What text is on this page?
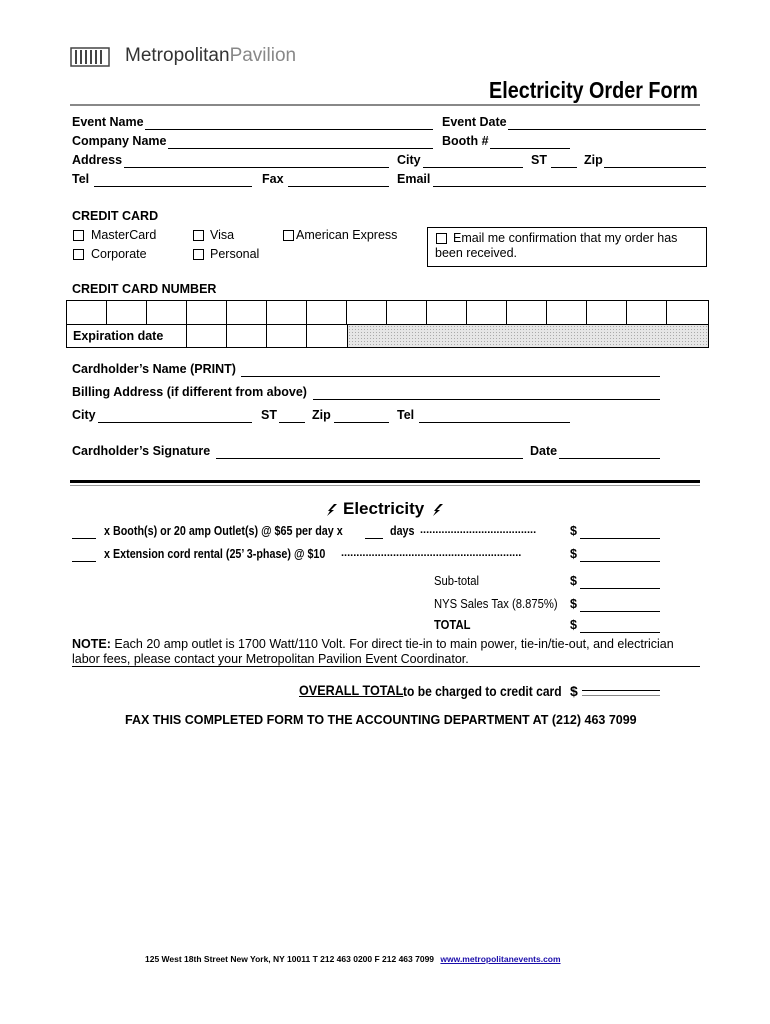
MetropolitanPavilion
Electricity Order Form
Event Name	Event Date
Company Name	Booth #
Address	City	ST	Zip
Tel	Fax	Email
CREDIT CARD
MasterCard	Visa	American Express
Corporate	Personal
Email me confirmation that my order has been received.
CREDIT CARD NUMBER
Expiration date
Cardholder’s Name (PRINT)
Billing Address (if different from above)
City	ST	Zip	Tel
Cardholder’s Signature	Date
Electricity
x Booth(s) or 20 amp Outlet(s) @ $65 per day x	days ......................................	$
x Extension cord rental (25’ 3-phase) @ $10 ...........................................................	$
Sub-total	$
NYS Sales Tax (8.875%) $
TOTAL	$
NOTE: Each 20 amp outlet is 1700 Watt/110 Volt. For direct tie-in to main power, tie-in/tie-out, and electrician labor fees, please contact your Metropolitan Pavilion Event Coordinator.
OVERALL TOTAL to be charged to credit card $
FAX THIS COMPLETED FORM TO THE ACCOUNTING DEPARTMENT AT (212) 463 7099
125 West 18th Street New York, NY 10011 T 212 463 0200 F 212 463 7099 www.metropolitanevents.com
